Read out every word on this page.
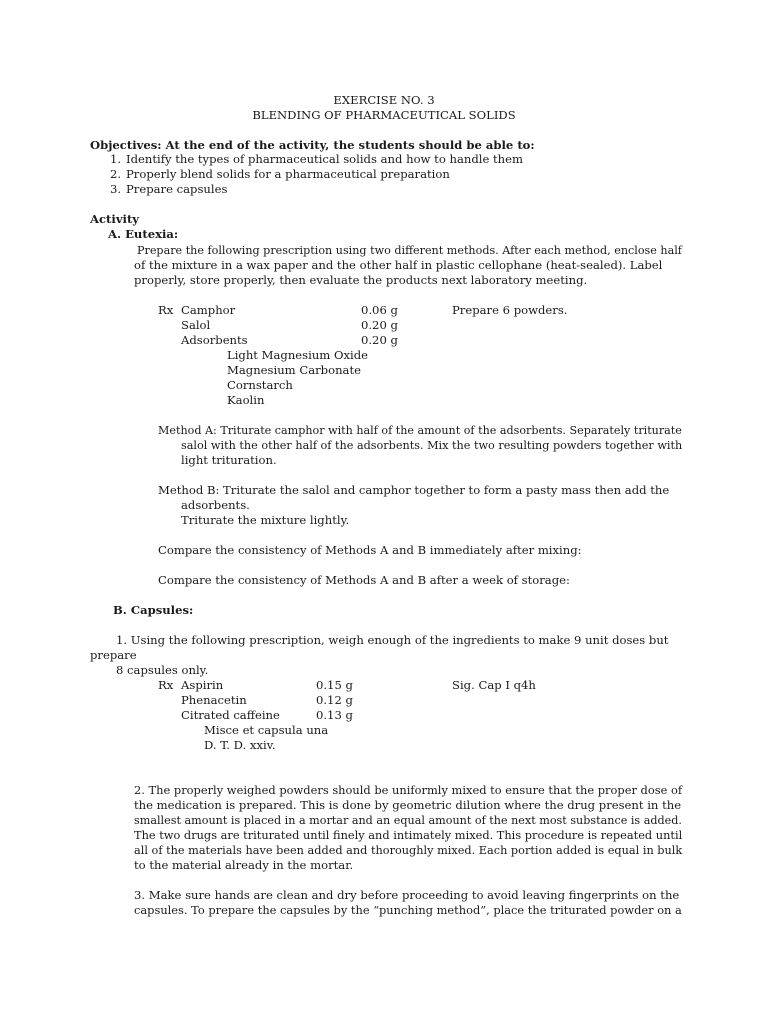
EXERCISE NO. 3
BLENDING OF PHARMACEUTICAL SOLIDS
Objectives: At the end of the activity, the students should be able to:
1. Identify the types of pharmaceutical solids and how to handle them
2. Properly blend solids for a pharmaceutical preparation
3. Prepare capsules
Activity
A. Eutexia:
Prepare the following prescription using two different methods. After each method, enclose half
of the mixture in a wax paper and the other half in plastic cellophane (heat-sealed). Label
properly, store properly, then evaluate the products next laboratory meeting.
Rx Camphor	0.06 g	Prepare 6 powders.
Salol	0.20 g
Adsorbents	0.20 g
Light Magnesium Oxide
Magnesium Carbonate
Cornstarch
Kaolin
Method A: Triturate camphor with half of the amount of the adsorbents. Separately triturate
salol with the other half of the adsorbents. Mix the two resulting powders together with
light trituration.
Method B: Triturate the salol and camphor together to form a pasty mass then add the
adsorbents.
Triturate the mixture lightly.
Compare the consistency of Methods A and B immediately after mixing:
Compare the consistency of Methods A and B after a week of storage:
B. Capsules:
1. Using the following prescription, weigh enough of the ingredients to make 9 unit doses but
prepare
8 capsules only.
Rx Aspirin	0.15 g	Sig. Cap I q4h
Phenacetin	0.12 g
Citrated caffeine	0.13 g
Misce et capsula una
D. T. D. xxiv.
2. The properly weighed powders should be uniformly mixed to ensure that the proper dose of
the medication is prepared. This is done by geometric dilution where the drug present in the
smallest amount is placed in a mortar and an equal amount of the next most substance is added.
The two drugs are triturated until finely and intimately mixed. This procedure is repeated until
all of the materials have been added and thoroughly mixed. Each portion added is equal in bulk
to the material already in the mortar.
3. Make sure hands are clean and dry before proceeding to avoid leaving fingerprints on the
capsules. To prepare the capsules by the “punching method”, place the triturated powder on a
